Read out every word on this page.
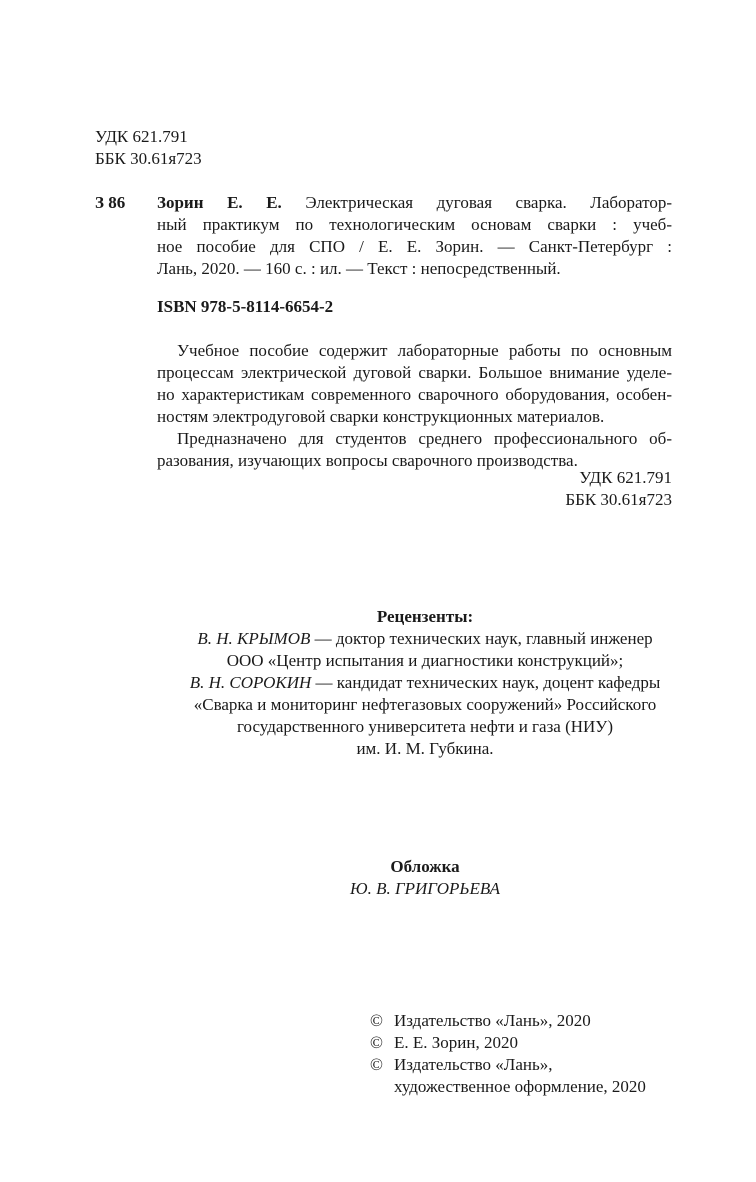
УДК 621.791
ББК 30.61я723
З 86 Зорин Е. Е. Электрическая дуговая сварка. Лаборатор-
ный практикум по технологическим основам сварки : учеб-
ное пособие для СПО / Е. Е. Зорин. — Санкт-Петербург :
Лань, 2020. — 160 с. : ил. — Текст : непосредственный.
ISBN 978-5-8114-6654-2
Учебное пособие содержит лабораторные работы по основным
процессам электрической дуговой сварки. Большое внимание уделе-
но характеристикам современного сварочного оборудования, особен-
ностям электродуговой сварки конструкционных материалов.
Предназначено для студентов среднего профессионального об-
разования, изучающих вопросы сварочного производства.
УДК 621.791
ББК 30.61я723
Рецензенты:
В. Н. КРЫМОВ — доктор технических наук, главный инженер
ООО «Центр испытания и диагностики конструкций»;
В. Н. СОРОКИН — кандидат технических наук, доцент кафедры
«Сварка и мониторинг нефтегазовых сооружений» Российского
государственного университета нефти и газа (НИУ)
им. И. М. Губкина.
Обложка
Ю. В. ГРИГОРЬЕВА
© Издательство «Лань», 2020
© Е. Е. Зорин, 2020
© Издательство «Лань»,
художественное оформление, 2020
